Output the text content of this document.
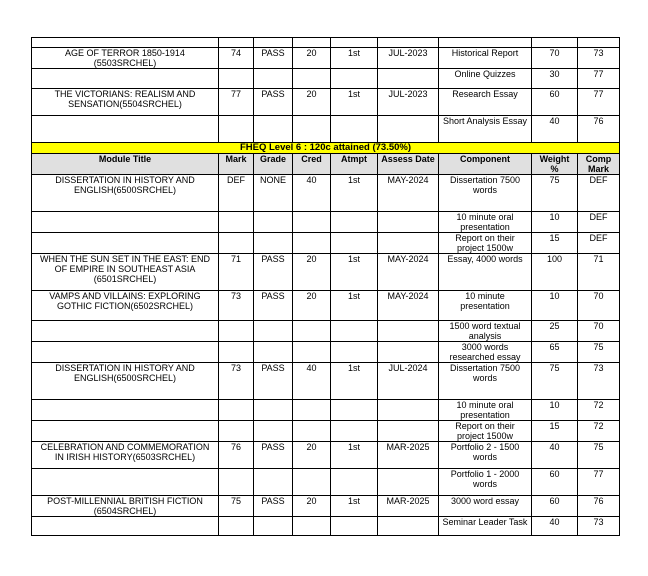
AGE OF TERROR 1850-1914 (5503SRCHEL)	74	PASS	20	1st	JUL-2023	Historical Report	70	73
						Online Quizzes	30	77
THE VICTORIANS: REALISM AND SENSATION(5504SRCHEL)	77	PASS	20	1st	JUL-2023	Research Essay	60	77
						Short Analysis Essay	40	76
FHEQ Level 6 : 120c attained (73.50%)								
Module Title	Mark	Grade	Cred	Atmpt	Assess Date	Component	Weight %	Comp Mark
DISSERTATION IN HISTORY AND ENGLISH(6500SRCHEL)	DEF	NONE	40	1st	MAY-2024	Dissertation 7500 words	75	DEF
						10 minute oral presentation	10	DEF
						Report on their project 1500w	15	DEF
WHEN THE SUN SET IN THE EAST: END OF EMPIRE IN SOUTHEAST ASIA (6501SRCHEL)	71	PASS	20	1st	MAY-2024	Essay, 4000 words	100	71
VAMPS AND VILLAINS: EXPLORING GOTHIC FICTION(6502SRCHEL)	73	PASS	20	1st	MAY-2024	10 minute presentation	10	70
						1500 word textual analysis	25	70
						3000 words researched essay	65	75
DISSERTATION IN HISTORY AND ENGLISH(6500SRCHEL)	73	PASS	40	1st	JUL-2024	Dissertation 7500 words	75	73
						10 minute oral presentation	10	72
						Report on their project 1500w	15	72
CELEBRATION AND COMMEMORATION IN IRISH HISTORY(6503SRCHEL)	76	PASS	20	1st	MAR-2025	Portfolio 2 - 1500 words	40	75
						Portfolio 1 - 2000 words	60	77
POST-MILLENNIAL BRITISH FICTION (6504SRCHEL)	75	PASS	20	1st	MAR-2025	3000 word essay	60	76
						Seminar Leader Task	40	73
